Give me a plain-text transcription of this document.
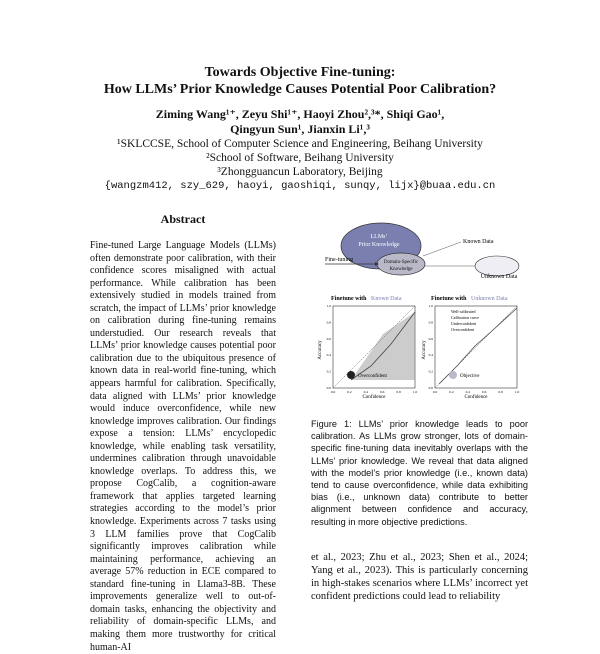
Towards Objective Fine-tuning:
How LLMs’ Prior Knowledge Causes Potential Poor Calibration?
Ziming Wang¹⁺, Zeyu Shi¹⁺, Haoyi Zhou²,³*, Shiqi Gao¹,
Qingyun Sun¹, Jianxin Li¹,³
¹SKLCCSE, School of Computer Science and Engineering, Beihang University
²School of Software, Beihang University
³Zhongguancun Laboratory, Beijing
{wangzm412, szy_629, haoyi, gaoshiqi, sunqy, lijx}@buaa.edu.cn
Abstract
Fine-tuned Large Language Models (LLMs) often demonstrate poor calibration, with their confidence scores misaligned with actual performance. While calibration has been extensively studied in models trained from scratch, the impact of LLMs’ prior knowledge on calibration during fine-tuning remains understudied. Our research reveals that LLMs’ prior knowledge causes potential poor calibration due to the ubiquitous presence of known data in real-world fine-tuning, which appears harmful for calibration. Specifically, data aligned with LLMs’ prior knowledge would induce overconfidence, while new knowledge improves calibration. Our findings expose a tension: LLMs’ encyclopedic knowledge, while enabling task versatility, undermines calibration through unavoidable knowledge overlaps. To address this, we propose CogCalib, a cognition-aware framework that applies targeted learning strategies according to the model’s prior knowledge. Experiments across 7 tasks using 3 LLM families prove that CogCalib significantly improves calibration while maintaining performance, achieving an average 57% reduction in ECE compared to standard fine-tuning in Llama3-8B. These improvements generalize well to out-of-domain tasks, enhancing the objectivity and reliability of domain-specific LLMs, and making them more trustworthy for critical human-AI
LLMs’
Prior Knowledge
Domain-Specific
Knowledge
Fine-tuning
Known Data
Unknown Data
Finetune with Known Data
Overconfident
Finetune with Unknown Data
Objective
Well-calibrated
Calibration curve
Underconfident
Overconfident
Confidence	Confidence
Accuracy	Accuracy
0.0	0.2	0.4	0.6	0.8	1.0
0.0
0.2
0.4
0.6
0.8
1.0
0.0	0.2	0.4	0.6	0.8	1.0
0.0
0.2
0.4
0.6
0.8
1.0
Figure 1: LLMs’ prior knowledge leads to poor calibration. As LLMs grow stronger, lots of domain-specific fine-tuning data inevitably overlaps with the LLMs’ prior knowledge. We reveal that data aligned with the model’s prior knowledge (i.e., known data) tend to cause overconfidence, while data exhibiting bias (i.e., unknown data) contribute to better alignment between confidence and accuracy, resulting in more objective predictions.
et al., 2023; Zhu et al., 2023; Shen et al., 2024; Yang et al., 2023). This is particularly concerning in high-stakes scenarios where LLMs’ incorrect yet confident predictions could lead to reliability
